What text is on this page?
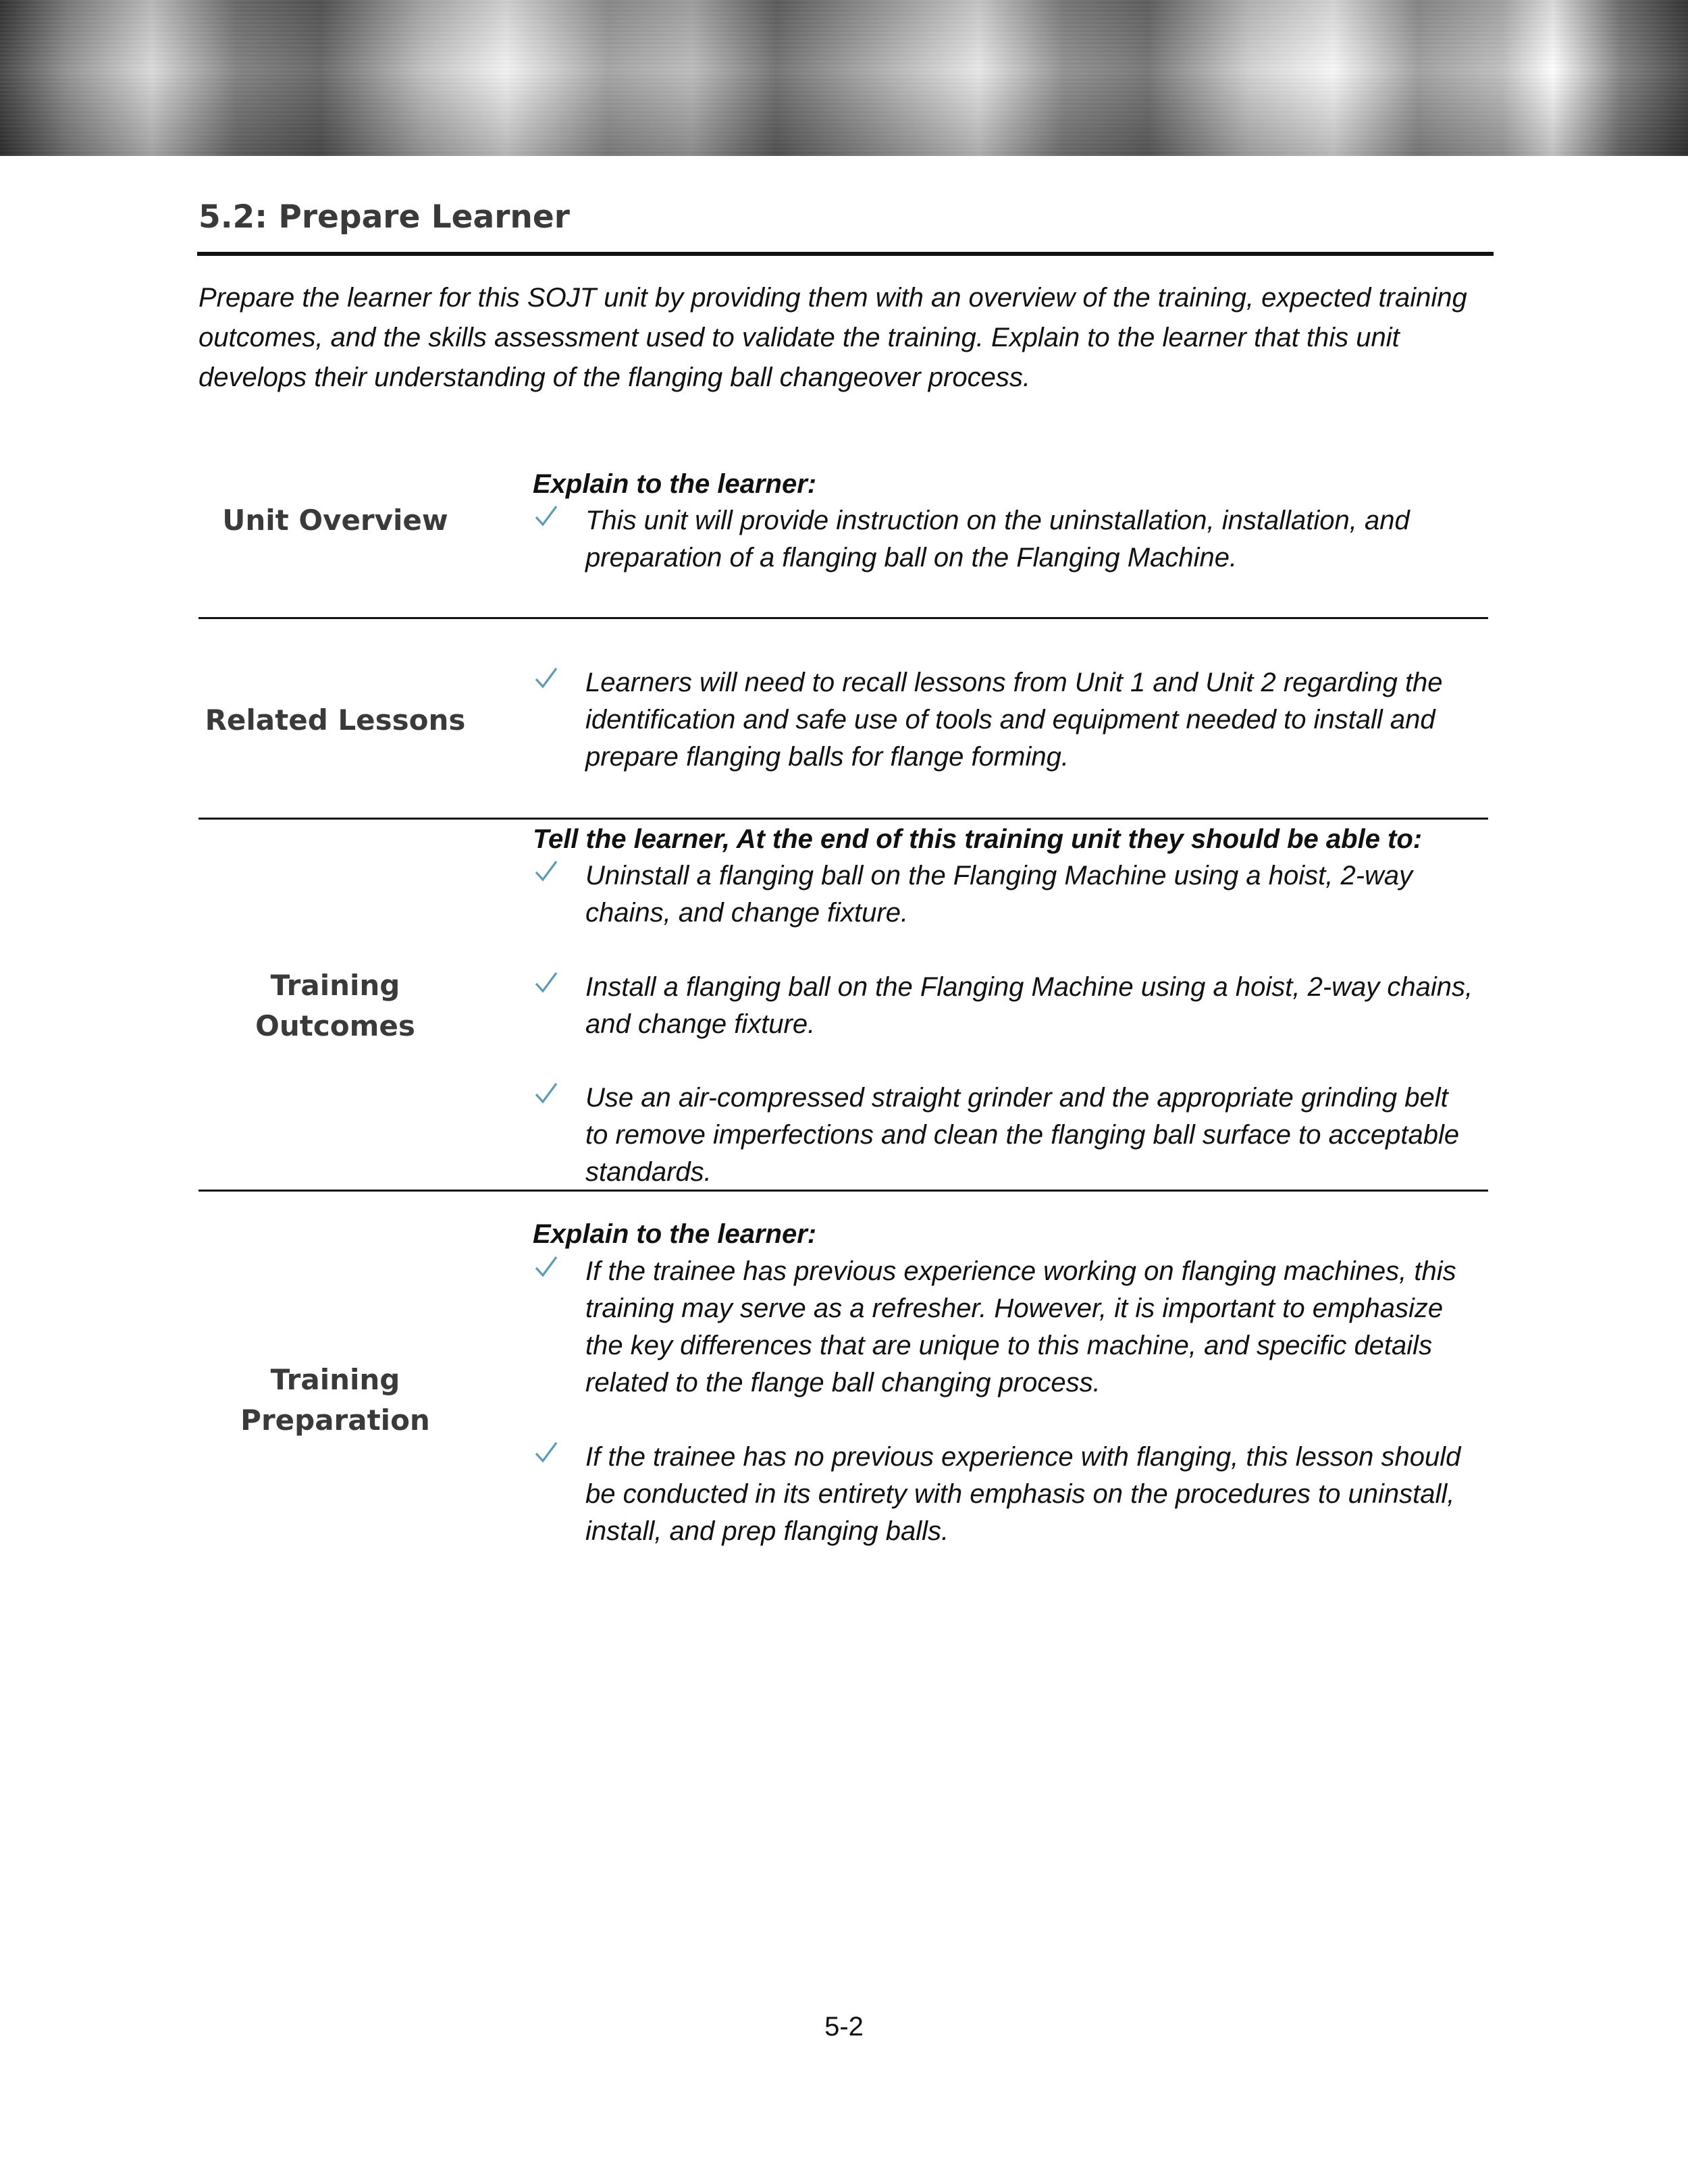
5.2: Prepare Learner

Prepare the learner for this SOJT unit by providing them with an overview of the training, expected training outcomes, and the skills assessment used to validate the training. Explain to the learner that this unit develops their understanding of the flanging ball changeover process.

Unit Overview
Explain to the learner:
This unit will provide instruction on the uninstallation, installation, and preparation of a flanging ball on the Flanging Machine.
Related Lessons
Learners will need to recall lessons from Unit 1 and Unit 2 regarding the identification and safe use of tools and equipment needed to install and prepare flanging balls for flange forming.
Training
Outcomes
Tell the learner, At the end of this training unit they should be able to:
Uninstall a flanging ball on the Flanging Machine using a hoist, 2-way chains, and change fixture.
Install a flanging ball on the Flanging Machine using a hoist, 2-way chains, and change fixture.
Use an air-compressed straight grinder and the appropriate grinding belt to remove imperfections and clean the flanging ball surface to acceptable standards.
Training
Preparation
Explain to the learner:
If the trainee has previous experience working on flanging machines, this training may serve as a refresher. However, it is important to emphasize the key differences that are unique to this machine, and specific details related to the flange ball changing process.
If the trainee has no previous experience with flanging, this lesson should be conducted in its entirety with emphasis on the procedures to uninstall, install, and prep flanging balls.
5-2
